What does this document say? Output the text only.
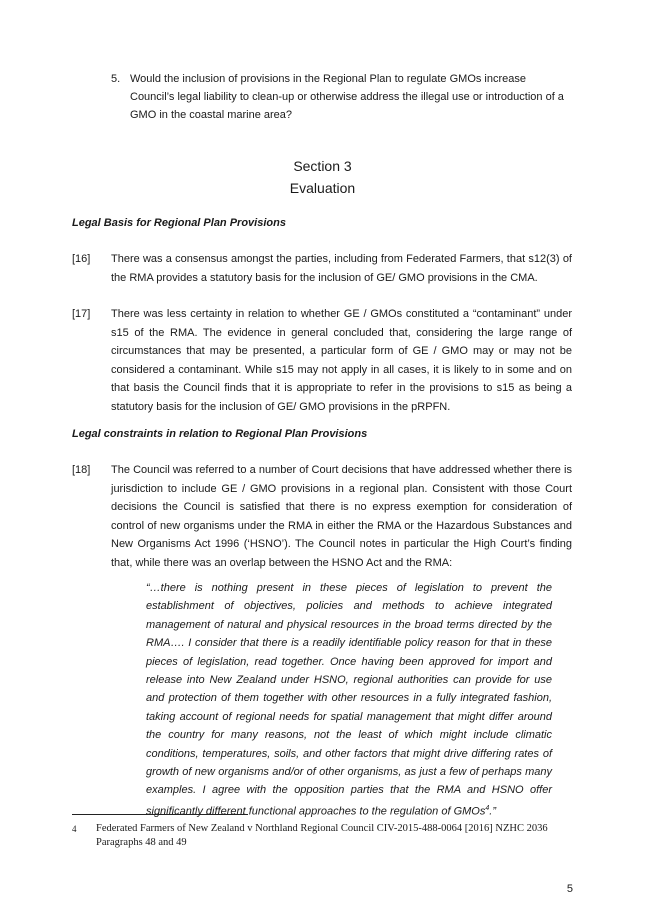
5. Would the inclusion of provisions in the Regional Plan to regulate GMOs increase Council’s legal liability to clean-up or otherwise address the illegal use or introduction of a GMO in the coastal marine area?
Section 3
Evaluation
Legal Basis for Regional Plan Provisions
[16] There was a consensus amongst the parties, including from Federated Farmers, that s12(3) of the RMA provides a statutory basis for the inclusion of GE/ GMO provisions in the CMA.
[17] There was less certainty in relation to whether GE / GMOs constituted a “contaminant” under s15 of the RMA. The evidence in general concluded that, considering the large range of circumstances that may be presented, a particular form of GE / GMO may or may not be considered a contaminant. While s15 may not apply in all cases, it is likely to in some and on that basis the Council finds that it is appropriate to refer in the provisions to s15 as being a statutory basis for the inclusion of GE/ GMO provisions in the pRPFN.
Legal constraints in relation to Regional Plan Provisions
[18] The Council was referred to a number of Court decisions that have addressed whether there is jurisdiction to include GE / GMO provisions in a regional plan. Consistent with those Court decisions the Council is satisfied that there is no express exemption for consideration of control of new organisms under the RMA in either the RMA or the Hazardous Substances and New Organisms Act 1996 (‘HSNO’). The Council notes in particular the High Court’s finding that, while there was an overlap between the HSNO Act and the RMA:
“…there is nothing present in these pieces of legislation to prevent the establishment of objectives, policies and methods to achieve integrated management of natural and physical resources in the broad terms directed by the RMA…. I consider that there is a readily identifiable policy reason for that in these pieces of legislation, read together. Once having been approved for import and release into New Zealand under HSNO, regional authorities can provide for use and protection of them together with other resources in a fully integrated fashion, taking account of regional needs for spatial management that might differ around the country for many reasons, not the least of which might include climatic conditions, temperatures, soils, and other factors that might drive differing rates of growth of new organisms and/or of other organisms, as just a few of perhaps many examples. I agree with the opposition parties that the RMA and HSNO offer significantly different functional approaches to the regulation of GMOs$^4$.”
4 Federated Farmers of New Zealand v Northland Regional Council CIV-2015-488-0064 [2016] NZHC 2036 Paragraphs 48 and 49
5
